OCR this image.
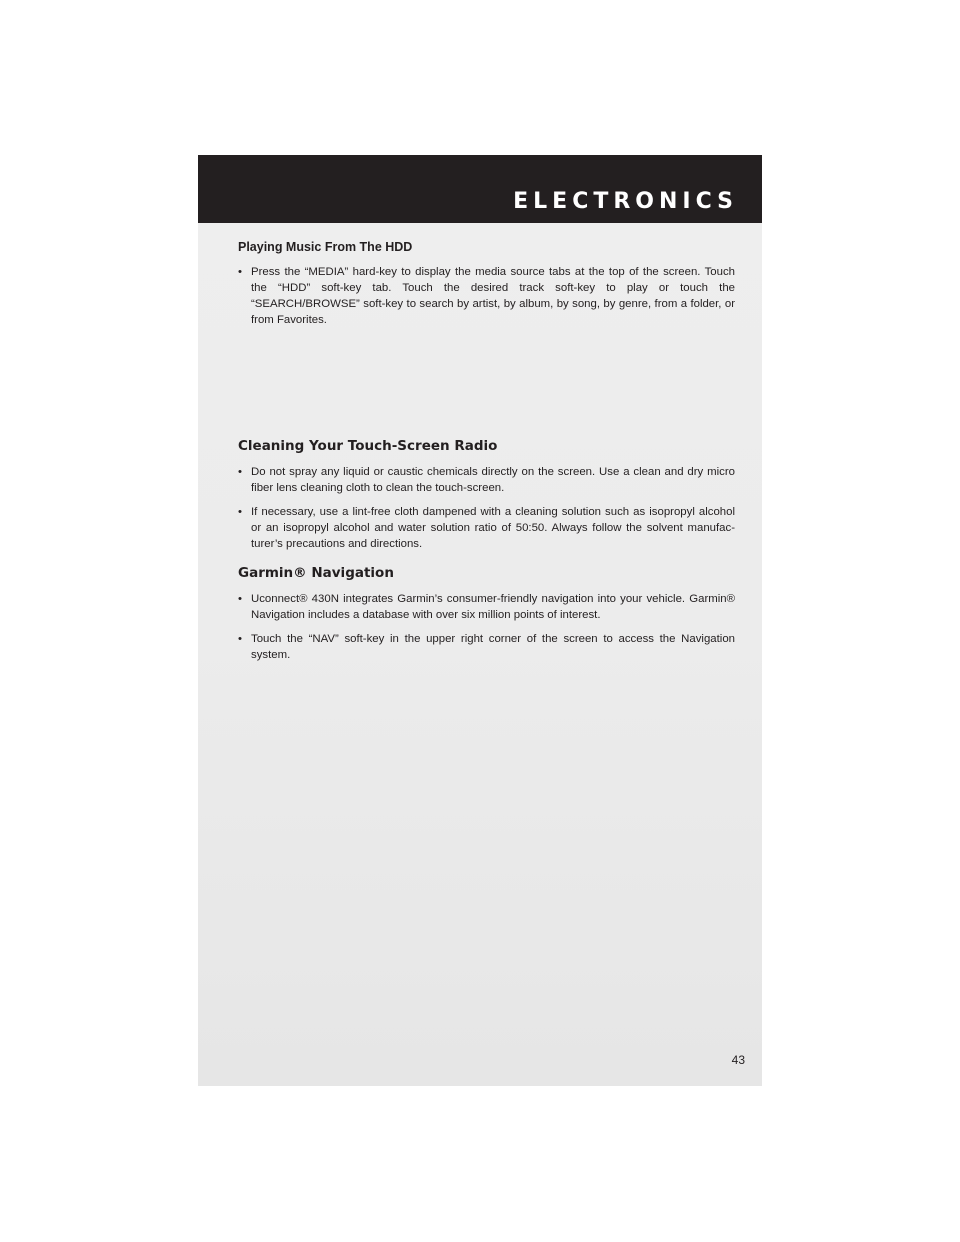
ELECTRONICS

Playing Music From The HDD

• Press the “MEDIA” hard-key to display the media source tabs at the top of the screen. Touch the “HDD” soft-key tab. Touch the desired track soft-key to play or touch the “SEARCH/BROWSE” soft-key to search by artist, by album, by song, by genre, from a folder, or from Favorites.
Cleaning Your Touch-Screen Radio
• Do not spray any liquid or caustic chemicals directly on the screen. Use a clean and dry micro fiber lens cleaning cloth to clean the touch-screen.
• If necessary, use a lint-free cloth dampened with a cleaning solution such as isopropyl alcohol or an isopropyl alcohol and water solution ratio of 50:50. Always follow the solvent manufac-turer’s precautions and directions.
Garmin® Navigation
• Uconnect® 430N integrates Garmin’s consumer-friendly navigation into your vehicle. Garmin® Navigation includes a database with over six million points of interest.
• Touch the “NAV” soft-key in the upper right corner of the screen to access the Navigation system.

43
